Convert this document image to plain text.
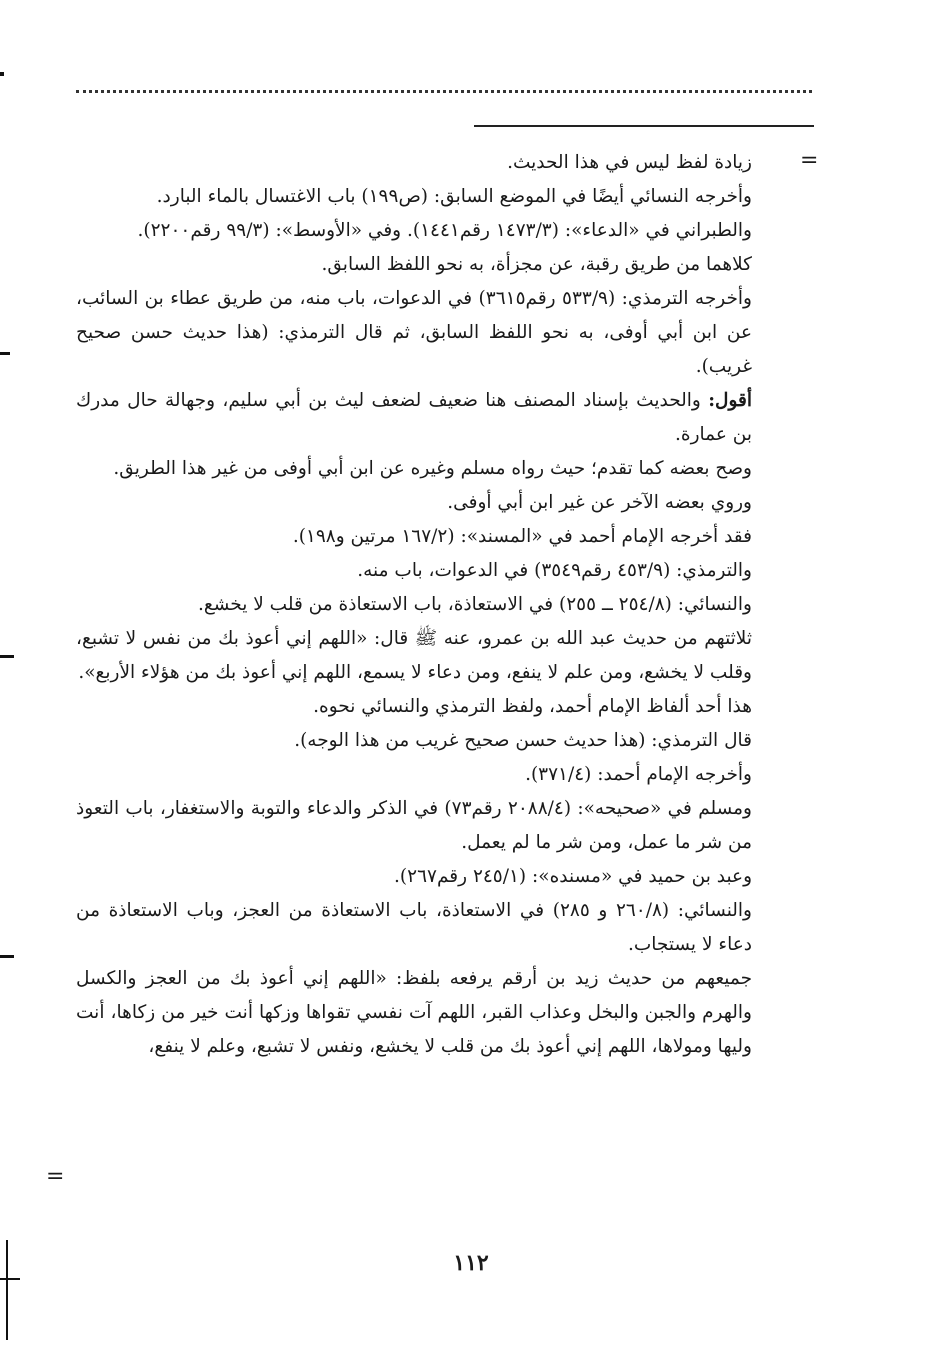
=
=
زيادة لفظ ليس في هذا الحديث.
وأخرجه النسائي أيضًا في الموضع السابق: (ص١٩٩) باب الاغتسال بالماء البارد.
والطبراني في «الدعاء»: (١٤٧٣/٣ رقم١٤٤١). وفي «الأوسط»: (٩٩/٣ رقم٢٢٠٠).
كلاهما من طريق رقبة، عن مجزأة، به نحو اللفظ السابق.
وأخرجه الترمذي: (٥٣٣/٩ رقم٣٦١٥) في الدعوات، باب منه، من طريق عطاء بن السائب، عن ابن أبي أوفى، به نحو اللفظ السابق، ثم قال الترمذي: (هذا حديث حسن صحيح غريب).
أقول: والحديث بإسناد المصنف هنا ضعيف لضعف ليث بن أبي سليم، وجهالة حال مدرك بن عمارة.
وصح بعضه كما تقدم؛ حيث رواه مسلم وغيره عن ابن أبي أوفى من غير هذا الطريق.
وروي بعضه الآخر عن غير ابن أبي أوفى.
فقد أخرجه الإمام أحمد في «المسند»: (١٦٧/٢ مرتين و١٩٨).
والترمذي: (٤٥٣/٩ رقم٣٥٤٩) في الدعوات، باب منه.
والنسائي: (٢٥٤/٨ ــ ٢٥٥) في الاستعاذة، باب الاستعاذة من قلب لا يخشع.
ثلاثتهم من حديث عبد الله بن عمرو، عنه ﷺ قال: «اللهم إني أعوذ بك من نفس لا تشبع، وقلب لا يخشع، ومن علم لا ينفع، ومن دعاء لا يسمع، اللهم إني أعوذ بك من هؤلاء الأربع».
هذا أحد ألفاظ الإمام أحمد، ولفظ الترمذي والنسائي نحوه.
قال الترمذي: (هذا حديث حسن صحيح غريب من هذا الوجه).
وأخرجه الإمام أحمد: (٣٧١/٤).
ومسلم في «صحيحه»: (٢٠٨٨/٤ رقم٧٣) في الذكر والدعاء والتوبة والاستغفار، باب التعوذ من شر ما عمل، ومن شر ما لم يعمل.
وعبد بن حميد في «مسنده»: (٢٤٥/١ رقم٢٦٧).
والنسائي: (٢٦٠/٨ و ٢٨٥) في الاستعاذة، باب الاستعاذة من العجز، وباب الاستعاذة من دعاء لا يستجاب.
جميعهم من حديث زيد بن أرقم يرفعه بلفظ: «اللهم إني أعوذ بك من العجز والكسل والهرم والجبن والبخل وعذاب القبر، اللهم آت نفسي تقواها وزكها أنت خير من زكاها، أنت وليها ومولاها، اللهم إني أعوذ بك من قلب لا يخشع، ونفس لا تشبع، وعلم لا ينفع،
١١٢
